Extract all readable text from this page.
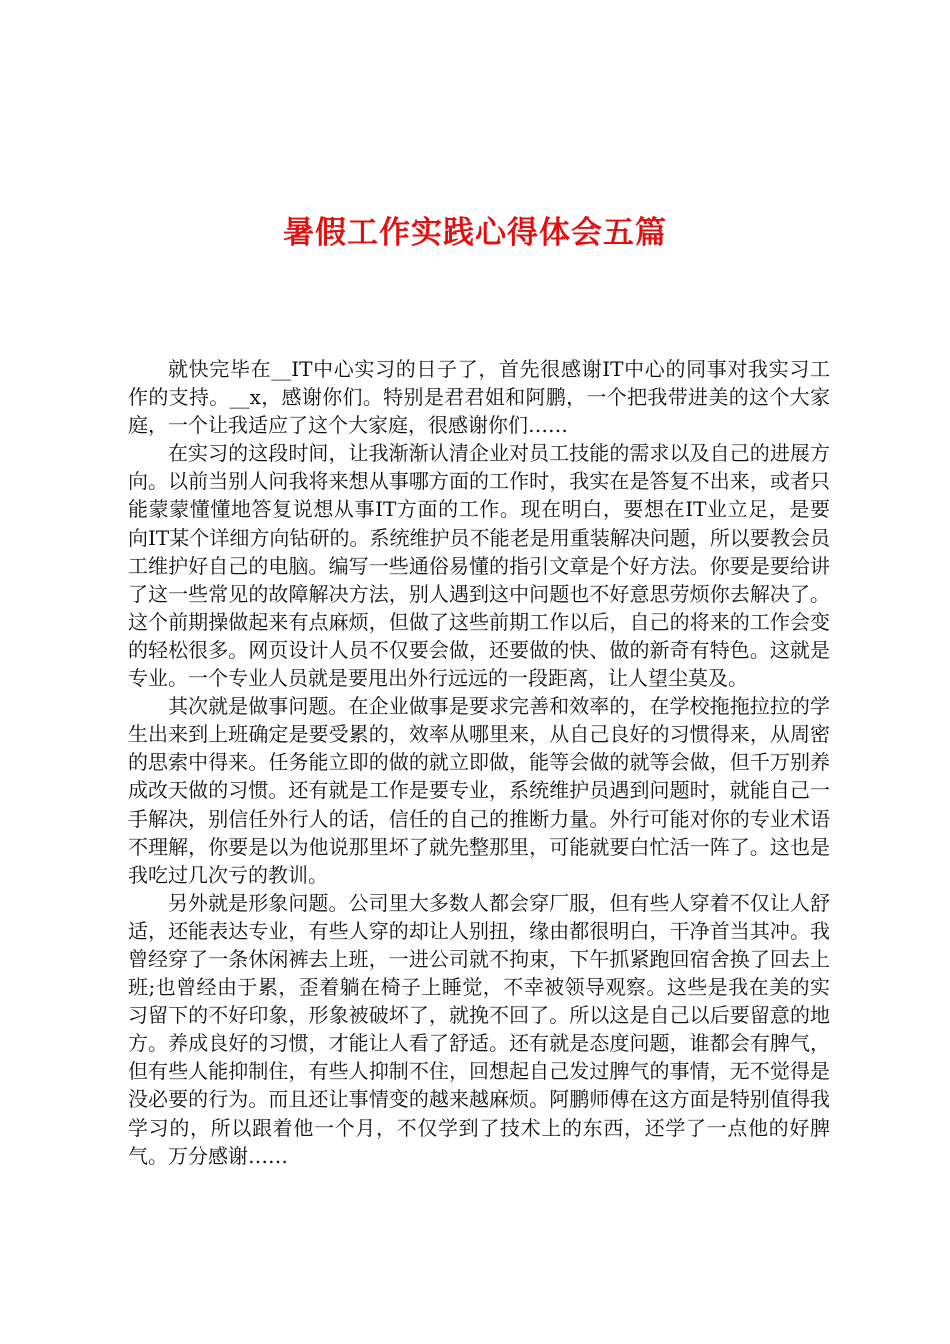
暑假工作实践心得体会五篇

就快完毕在__IT中心实习的日子了，首先很感谢IT中心的同事对我实习工作的支持。__x，感谢你们。特别是君君姐和阿鹏，一个把我带进美的这个大家庭，一个让我适应了这个大家庭，很感谢你们……

在实习的这段时间，让我渐渐认清企业对员工技能的需求以及自己的进展方向。以前当别人问我将来想从事哪方面的工作时，我实在是答复不出来，或者只能蒙蒙懂懂地答复说想从事IT方面的工作。现在明白，要想在IT业立足，是要向IT某个详细方向钻研的。系统维护员不能老是用重装解决问题，所以要教会员工维护好自己的电脑。编写一些通俗易懂的指引文章是个好方法。你要是要给讲了这一些常见的故障解决方法，别人遇到这中问题也不好意思劳烦你去解决了。这个前期操做起来有点麻烦，但做了这些前期工作以后，自己的将来的工作会变的轻松很多。网页设计人员不仅要会做，还要做的快、做的新奇有特色。这就是专业。一个专业人员就是要甩出外行远远的一段距离，让人望尘莫及。

其次就是做事问题。在企业做事是要求完善和效率的，在学校拖拖拉拉的学生出来到上班确定是要受累的，效率从哪里来，从自己良好的习惯得来，从周密的思索中得来。任务能立即的做的就立即做，能等会做的就等会做，但千万别养成改天做的习惯。还有就是工作是要专业，系统维护员遇到问题时，就能自己一手解决，别信任外行人的话，信任的自己的推断力量。外行可能对你的专业术语不理解，你要是以为他说那里坏了就先整那里，可能就要白忙活一阵了。这也是我吃过几次亏的教训。

另外就是形象问题。公司里大多数人都会穿厂服，但有些人穿着不仅让人舒适，还能表达专业，有些人穿的却让人别扭，缘由都很明白，干净首当其冲。我曾经穿了一条休闲裤去上班，一进公司就不拘束，下午抓紧跑回宿舍换了回去上班;也曾经由于累，歪着躺在椅子上睡觉，不幸被领导观察。这些是我在美的实习留下的不好印象，形象被破坏了，就挽不回了。所以这是自己以后要留意的地方。养成良好的习惯，才能让人看了舒适。还有就是态度问题，谁都会有脾气，但有些人能抑制住，有些人抑制不住，回想起自己发过脾气的事情，无不觉得是没必要的行为。而且还让事情变的越来越麻烦。阿鹏师傅在这方面是特别值得我学习的，所以跟着他一个月，不仅学到了技术上的东西，还学了一点他的好脾气。万分感谢……
